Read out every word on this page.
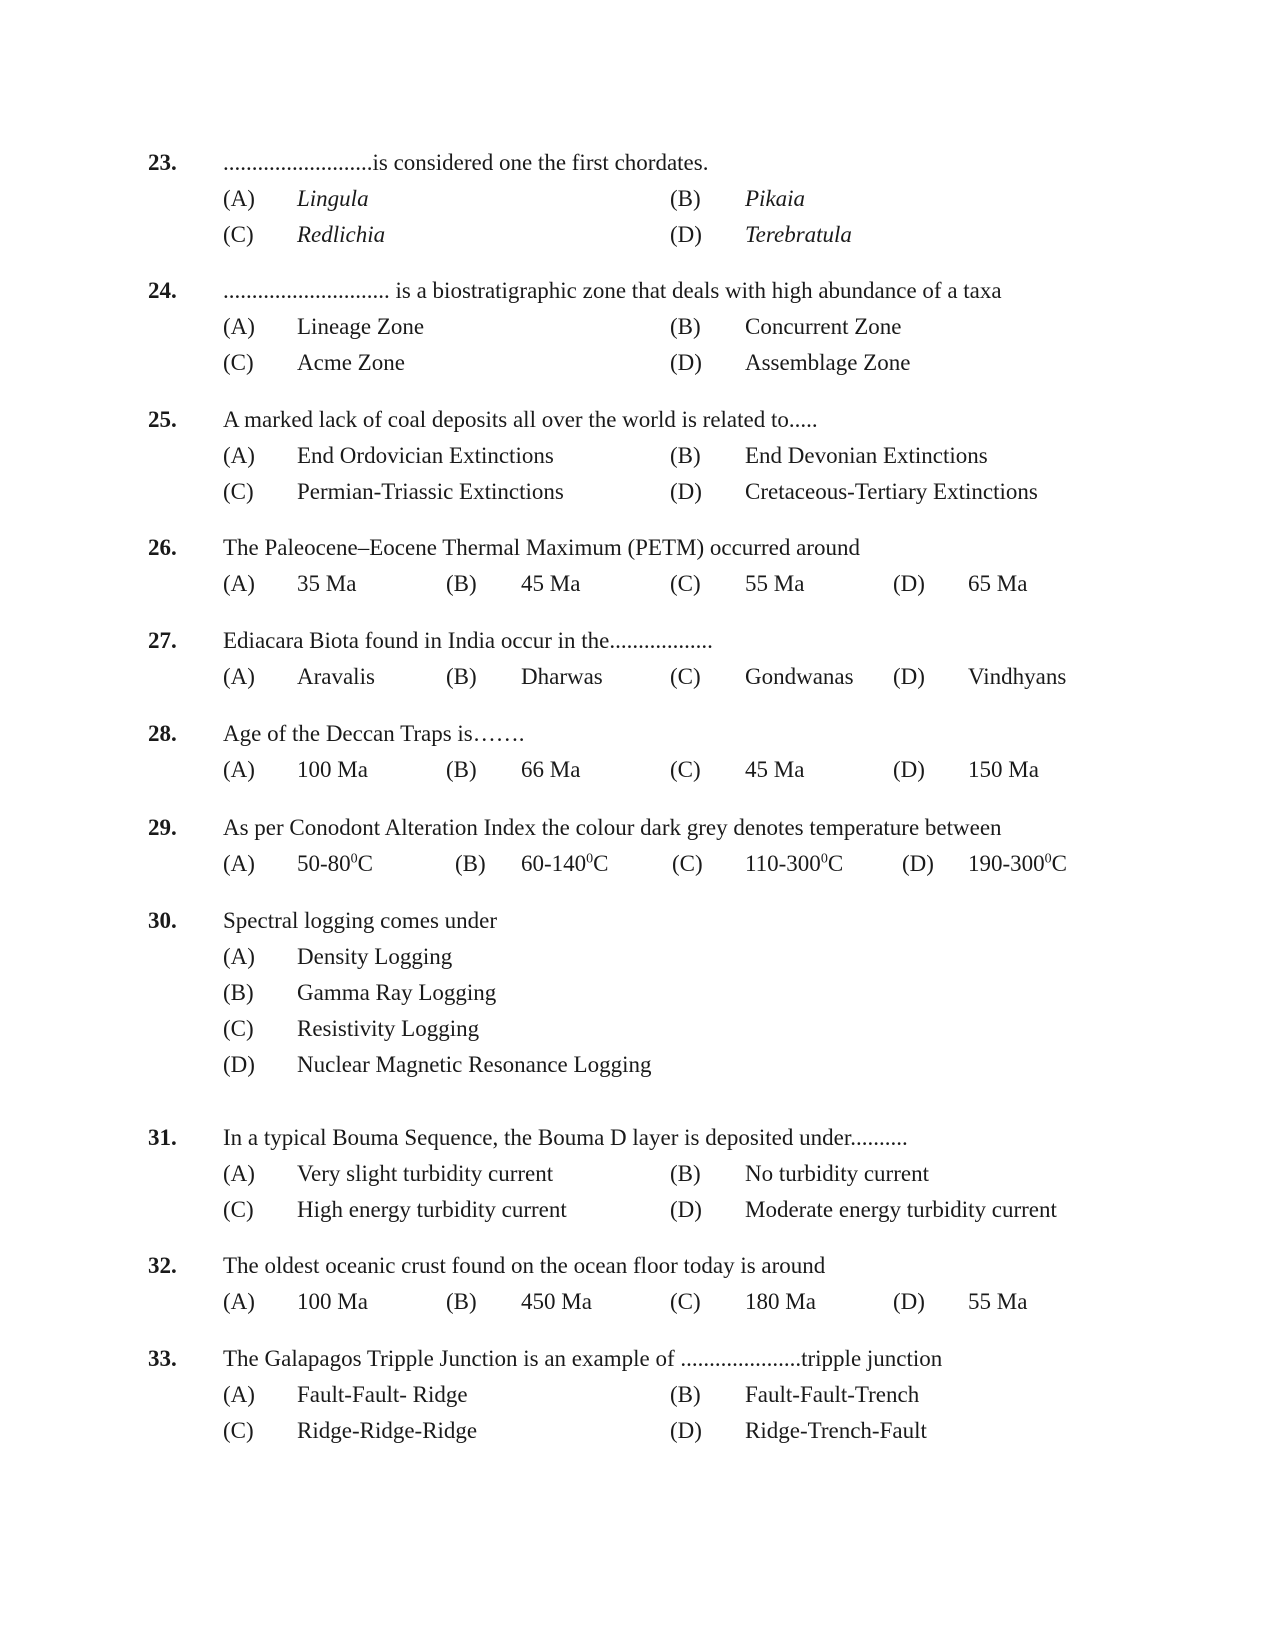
23. ..........................is considered one the first chordates.
(A) Lingula	(B) Pikaia
(C) Redlichia	(D) Terebratula
24. ............................. is a biostratigraphic zone that deals with high abundance of a taxa
(A) Lineage Zone	(B) Concurrent Zone
(C) Acme Zone	(D) Assemblage Zone
25. A marked lack of coal deposits all over the world is related to.....
(A) End Ordovician Extinctions	(B) End Devonian Extinctions
(C) Permian-Triassic Extinctions	(D) Cretaceous-Tertiary Extinctions
26. The Paleocene–Eocene Thermal Maximum (PETM) occurred around
(A) 35 Ma	(B) 45 Ma	(C) 55 Ma	(D) 65 Ma
27. Ediacara Biota found in India occur in the..................
(A) Aravalis	(B) Dharwas	(C) Gondwanas (D) Vindhyans
28. Age of the Deccan Traps is…….
(A) 100 Ma	(B) 66 Ma	(C) 45 Ma	(D) 150 Ma
29. As per Conodont Alteration Index the colour dark grey denotes temperature between
(A) $50-80^0C$	(B) $60-140^0C$	(C) $110-300^0C$	(D) $190-300^0C$
30. Spectral logging comes under
(A) Density Logging
(B) Gamma Ray Logging
(C) Resistivity Logging
(D) Nuclear Magnetic Resonance Logging
31. In a typical Bouma Sequence, the Bouma D layer is deposited under..........
(A) Very slight turbidity current	(B) No turbidity current
(C) High energy turbidity current	(D) Moderate energy turbidity current
32. The oldest oceanic crust found on the ocean floor today is around
(A) 100 Ma	(B) 450 Ma	(C) 180 Ma	(D) 55 Ma
33. The Galapagos Tripple Junction is an example of .....................tripple junction
(A) Fault-Fault- Ridge	(B) Fault-Fault-Trench
(C) Ridge-Ridge-Ridge	(D) Ridge-Trench-Fault
